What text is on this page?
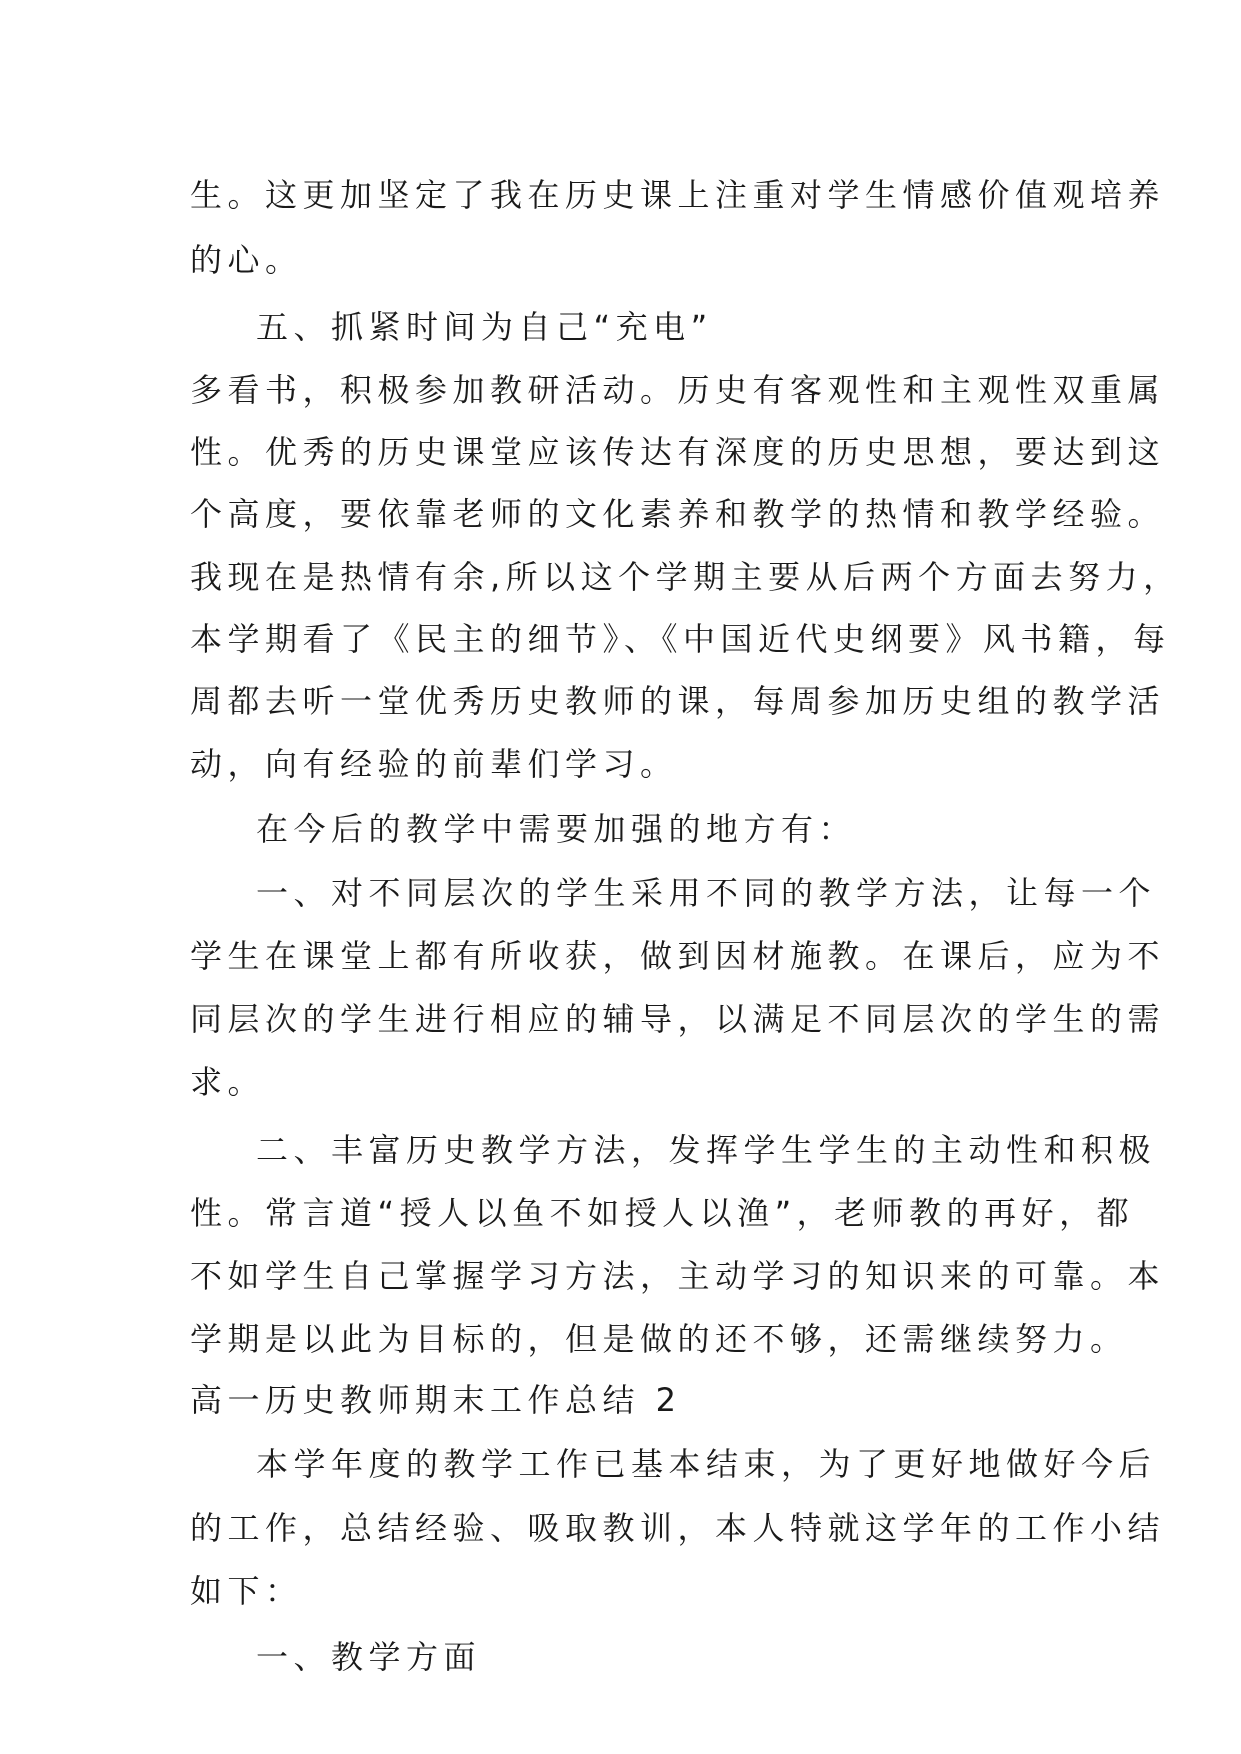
生。这更加坚定了我在历史课上注重对学生情感价值观培养
的心。
五、抓紧时间为自己“充电”
多看书，积极参加教研活动。历史有客观性和主观性双重属
性。优秀的历史课堂应该传达有深度的历史思想，要达到这
个高度，要依靠老师的文化素养和教学的热情和教学经验。
我现在是热情有余,所以这个学期主要从后两个方面去努力，
本学期看了《民主的细节》、《中国近代史纲要》风书籍，每
周都去听一堂优秀历史教师的课，每周参加历史组的教学活
动，向有经验的前辈们学习。
在今后的教学中需要加强的地方有：
一、对不同层次的学生采用不同的教学方法，让每一个
学生在课堂上都有所收获，做到因材施教。在课后，应为不
同层次的学生进行相应的辅导，以满足不同层次的学生的需
求。
二、丰富历史教学方法，发挥学生学生的主动性和积极
性。常言道“授人以鱼不如授人以渔”，老师教的再好，都
不如学生自己掌握学习方法，主动学习的知识来的可靠。本
学期是以此为目标的，但是做的还不够，还需继续努力。
高一历史教师期末工作总结 2
本学年度的教学工作已基本结束，为了更好地做好今后
的工作，总结经验、吸取教训，本人特就这学年的工作小结
如下：
一、教学方面
